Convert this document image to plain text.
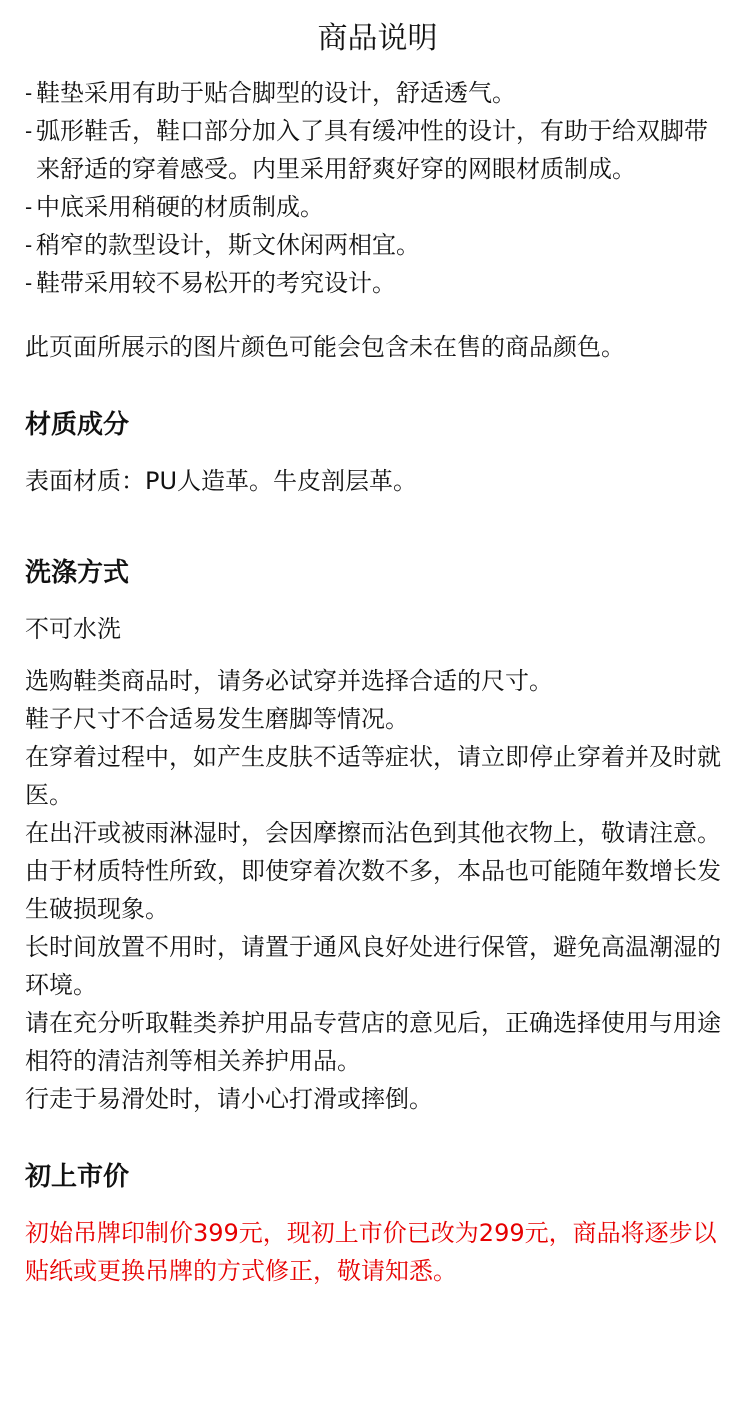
商品说明
- 鞋垫采用有助于贴合脚型的设计，舒适透气。
- 弧形鞋舌，鞋口部分加入了具有缓冲性的设计，有助于给双脚带来舒适的穿着感受。内里采用舒爽好穿的网眼材质制成。
- 中底采用稍硬的材质制成。
- 稍窄的款型设计，斯文休闲两相宜。
- 鞋带采用较不易松开的考究设计。

此页面所展示的图片颜色可能会包含未在售的商品颜色。

材质成分

表面材质：PU人造革。牛皮剖层革。

洗涤方式

不可水洗

选购鞋类商品时，请务必试穿并选择合适的尺寸。

鞋子尺寸不合适易发生磨脚等情况。

在穿着过程中，如产生皮肤不适等症状，请立即停止穿着并及时就医。

在出汗或被雨淋湿时，会因摩擦而沾色到其他衣物上，敬请注意。

由于材质特性所致，即使穿着次数不多，本品也可能随年数增长发生破损现象。

长时间放置不用时，请置于通风良好处进行保管，避免高温潮湿的环境。

请在充分听取鞋类养护用品专营店的意见后，正确选择使用与用途相符的清洁剂等相关养护用品。

行走于易滑处时，请小心打滑或摔倒。

初上市价

初始吊牌印制价399元，现初上市价已改为299元，商品将逐步以贴纸或更换吊牌的方式修正，敬请知悉。
